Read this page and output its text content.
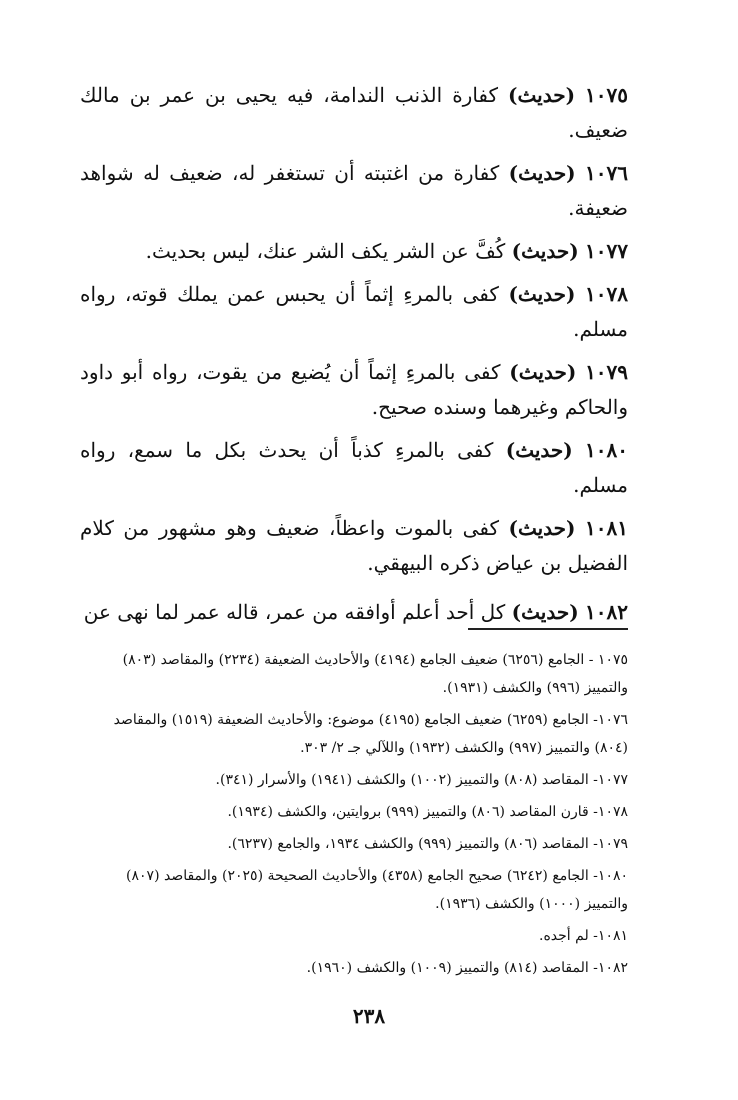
١٠٧٥ (حديث) كفارة الذنب الندامة، فيه يحيى بن عمر بن مالك ضعيف.

١٠٧٦ (حديث) كفارة من اغتبته أن تستغفر له، ضعيف له شواهد ضعيفة.

١٠٧٧ (حديث) كُفَّ عن الشر يكف الشر عنك، ليس بحديث.

١٠٧٨ (حديث) كفى بالمرءِ إثماً أن يحبس عمن يملك قوته، رواه مسلم.

١٠٧٩ (حديث) كفى بالمرءِ إثماً أن يُضيع من يقوت، رواه أبو داود والحاكم وغيرهما وسنده صحيح.

١٠٨٠ (حديث) كفى بالمرءِ كذباً أن يحدث بكل ما سمع، رواه مسلم.

١٠٨١ (حديث) كفى بالموت واعظاً، ضعيف وهو مشهور من كلام الفضيل بن عياض ذكره البيهقي.

١٠٨٢ (حديث) كل أحد أعلم أوافقه من عمر، قاله عمر لما نهى عن

١٠٧٥ - الجامع (٦٢٥٦) ضعيف الجامع (٤١٩٤) والأحاديث الضعيفة (٢٢٣٤) والمقاصد (٨٠٣) والتمييز (٩٩٦) والكشف (١٩٣١).

١٠٧٦- الجامع (٦٢٥٩) ضعيف الجامع (٤١٩٥) موضوع: والأحاديث الضعيفة (١٥١٩) والمقاصد (٨٠٤) والتمييز (٩٩٧) والكشف (١٩٣٢) واللآلي جـ ٢/ ٣٠٣.

١٠٧٧- المقاصد (٨٠٨) والتمييز (١٠٠٢) والكشف (١٩٤١) والأسرار (٣٤١).

١٠٧٨- قارن المقاصد (٨٠٦) والتمييز (٩٩٩) بروايتين، والكشف (١٩٣٤).

١٠٧٩- المقاصد (٨٠٦) والتمييز (٩٩٩) والكشف ١٩٣٤، والجامع (٦٢٣٧).

١٠٨٠- الجامع (٦٢٤٢) صحيح الجامع (٤٣٥٨) والأحاديث الصحيحة (٢٠٢٥) والمقاصد (٨٠٧) والتمييز (١٠٠٠) والكشف (١٩٣٦).

١٠٨١- لم أجده.

١٠٨٢- المقاصد (٨١٤) والتمييز (١٠٠٩) والكشف (١٩٦٠).

٢٣٨
